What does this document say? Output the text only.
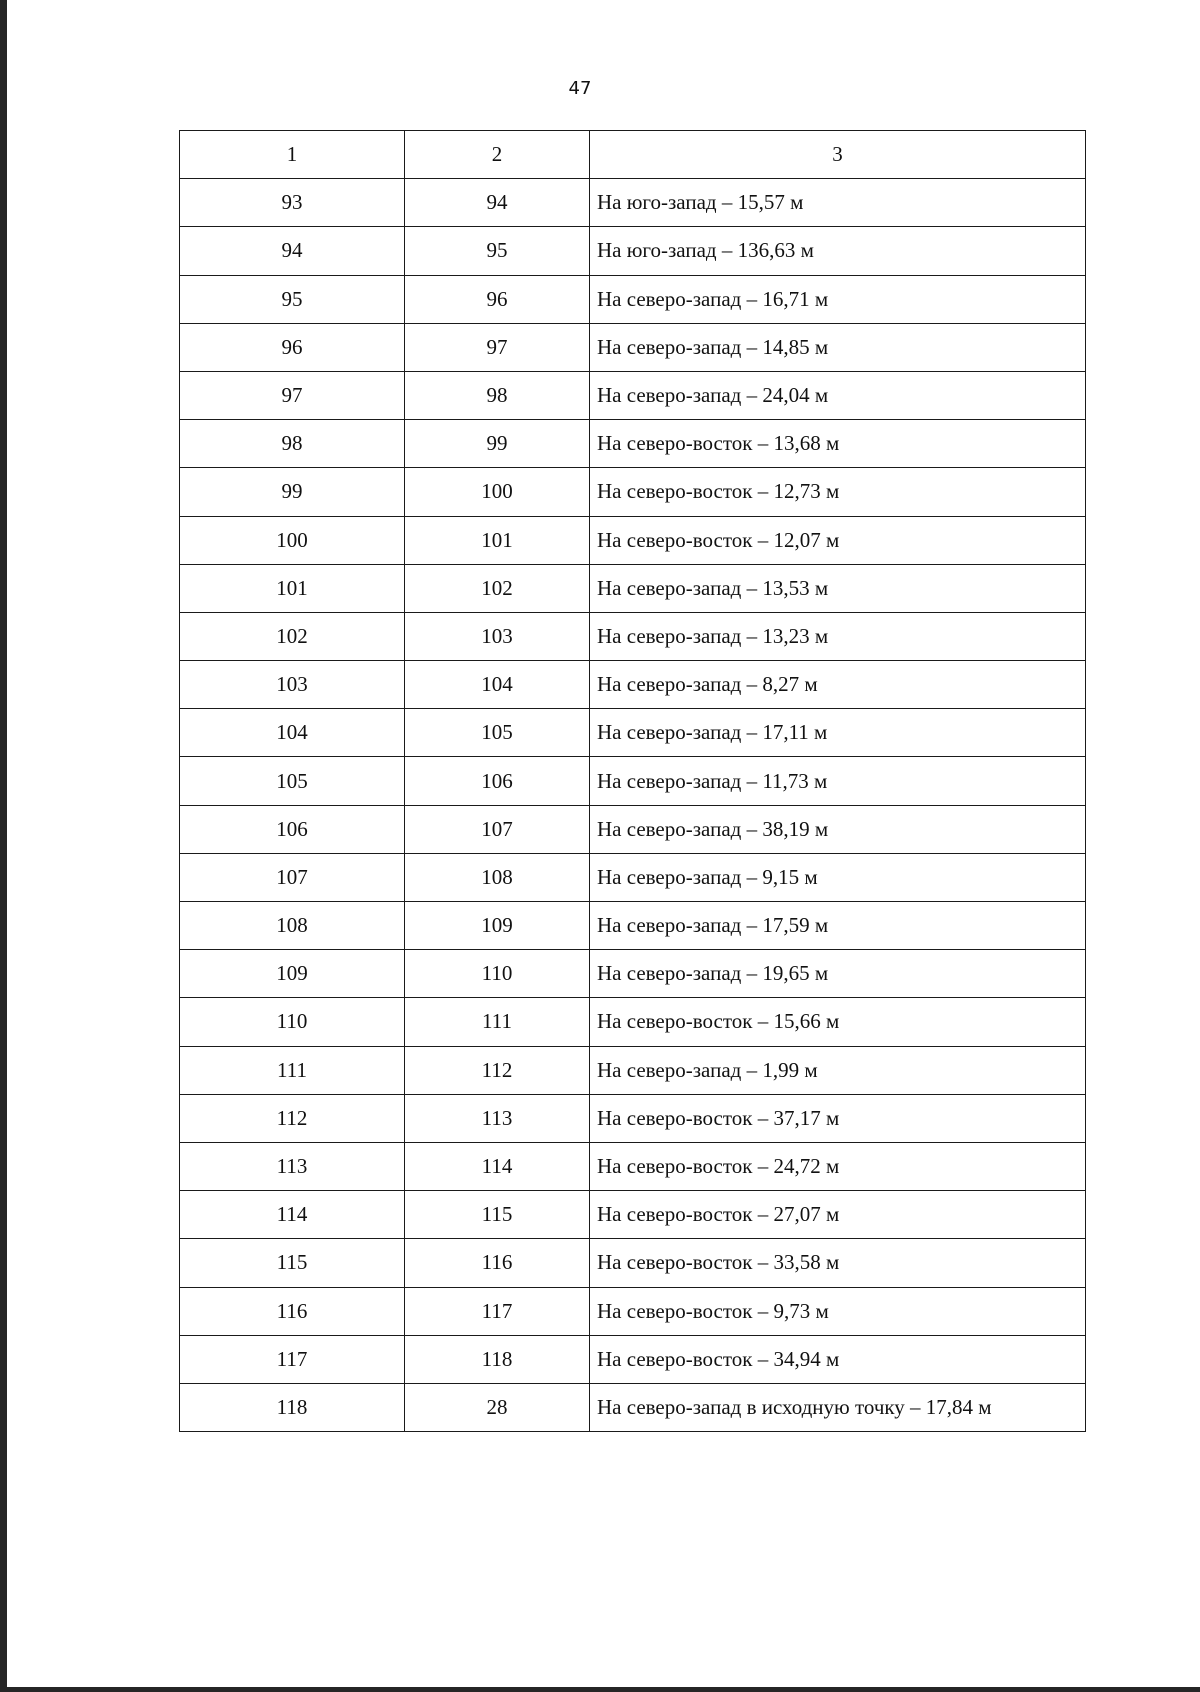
47
1	2	3
93	94	На юго-запад – 15,57 м
94	95	На юго-запад – 136,63 м
95	96	На северо-запад – 16,71 м
96	97	На северо-запад – 14,85 м
97	98	На северо-запад – 24,04 м
98	99	На северо-восток – 13,68 м
99	100	На северо-восток – 12,73 м
100	101	На северо-восток – 12,07 м
101	102	На северо-запад – 13,53 м
102	103	На северо-запад – 13,23 м
103	104	На северо-запад – 8,27 м
104	105	На северо-запад – 17,11 м
105	106	На северо-запад – 11,73 м
106	107	На северо-запад – 38,19 м
107	108	На северо-запад – 9,15 м
108	109	На северо-запад – 17,59 м
109	110	На северо-запад – 19,65 м
110	111	На северо-восток – 15,66 м
111	112	На северо-запад – 1,99 м
112	113	На северо-восток – 37,17 м
113	114	На северо-восток – 24,72 м
114	115	На северо-восток – 27,07 м
115	116	На северо-восток – 33,58 м
116	117	На северо-восток – 9,73 м
117	118	На северо-восток – 34,94 м
118	28	На северо-запад в исходную точку – 17,84 м
